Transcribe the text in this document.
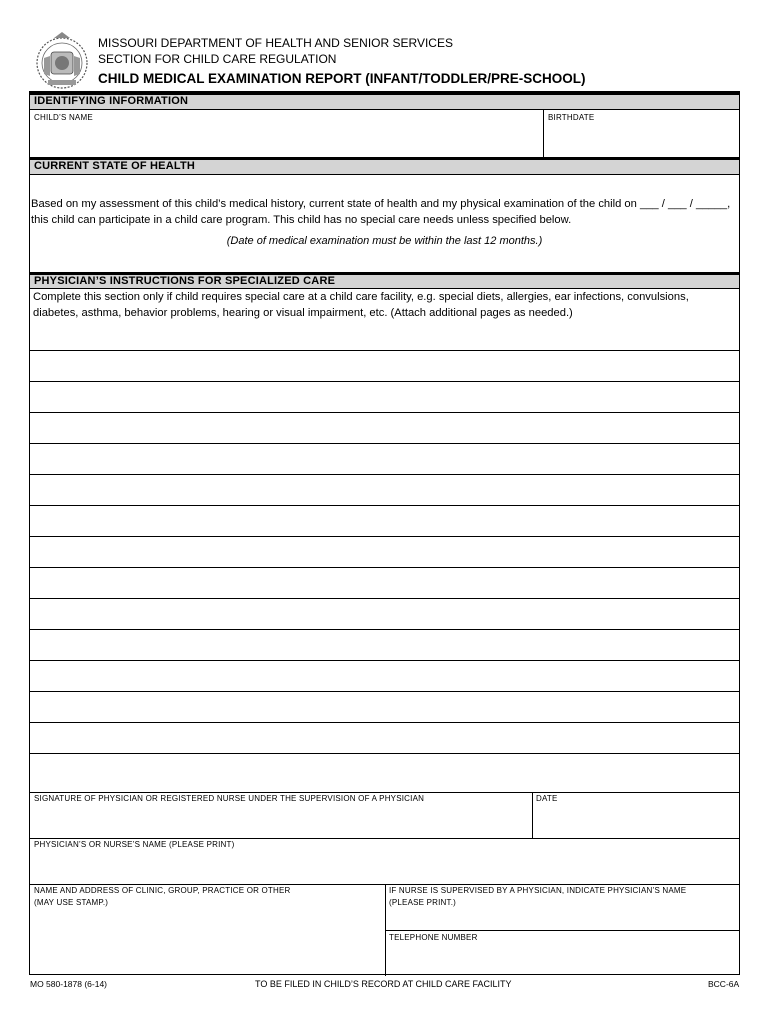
MISSOURI DEPARTMENT OF HEALTH AND SENIOR SERVICES
SECTION FOR CHILD CARE REGULATION
CHILD MEDICAL EXAMINATION REPORT (INFANT/TODDLER/PRE-SCHOOL)
IDENTIFYING INFORMATION
CHILD’S NAME	BIRTHDATE
CURRENT STATE OF HEALTH
Based on my assessment of this child’s medical history, current state of health and my physical examination of the child on ___ / ___ / _____,
this child can participate in a child care program. This child has no special care needs unless specified below.
(Date of medical examination must be within the last 12 months.)
PHYSICIAN’S INSTRUCTIONS FOR SPECIALIZED CARE
Complete this section only if child requires special care at a child care facility, e.g. special diets, allergies, ear infections, convulsions,
diabetes, asthma, behavior problems, hearing or visual impairment, etc. (Attach additional pages as needed.)
SIGNATURE OF PHYSICIAN OR REGISTERED NURSE UNDER THE SUPERVISION OF A PHYSICIAN	DATE
PHYSICIAN’S OR NURSE’S NAME (PLEASE PRINT)
NAME AND ADDRESS OF CLINIC, GROUP, PRACTICE OR OTHER
(MAY USE STAMP.)
IF NURSE IS SUPERVISED BY A PHYSICIAN, INDICATE PHYSICIAN’S NAME
(PLEASE PRINT.)
TELEPHONE NUMBER
MO 580-1878 (6-14)	TO BE FILED IN CHILD’S RECORD AT CHILD CARE FACILITY	BCC-6A
